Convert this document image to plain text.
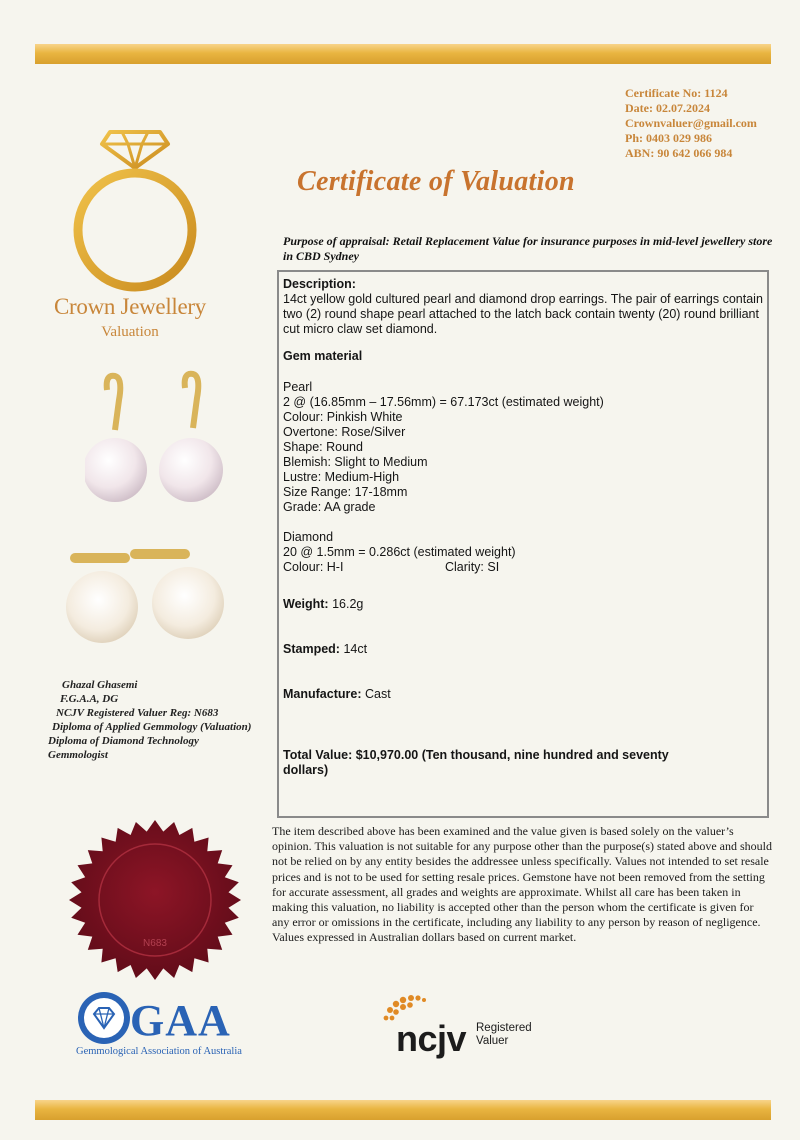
Certificate No: 1124
Date: 02.07.2024
Crownvaluer@gmail.com
Ph: 0403 029 986
ABN: 90 642 066 984
Crown Jewellery
Valuation
Certificate of Valuation
Purpose of appraisal: Retail Replacement Value for insurance purposes in mid-level jewellery store in CBD Sydney
Description:
14ct yellow gold cultured pearl and diamond drop earrings. The pair of earrings contain two (2) round shape pearl attached to the latch back contain twenty (20) round brilliant cut micro claw set diamond.
Gem material
Pearl
2 @ (16.85mm – 17.56mm) = 67.173ct (estimated weight)
Colour: Pinkish White
Overtone: Rose/Silver
Shape: Round
Blemish: Slight to Medium
Lustre: Medium-High
Size Range: 17-18mm
Grade: AA grade
Diamond
20 @ 1.5mm = 0.286ct (estimated weight)
Colour: H-I	Clarity: SI
Weight: 16.2g
Stamped: 14ct
Manufacture: Cast
Total Value: $10,970.00 (Ten thousand, nine hundred and seventy dollars)
Ghazal Ghasemi
F.G.A.A, DG
NCJV Registered Valuer Reg: N683
Diploma of Applied Gemmology (Valuation)
Diploma of Diamond Technology
Gemmologist
The item described above has been examined and the value given is based solely on the valuer’s opinion. This valuation is not suitable for any purpose other than the purpose(s) stated above and should not be relied on by any entity besides the addressee unless specifically. Values not intended to set resale prices and is not to be used for setting resale prices. Gemstone have not been removed from the setting for accurate assessment, all grades and weights are approximate. Whilst all care has been taken in making this valuation, no liability is accepted other than the person whom the certificate is given for any error or omissions in the certificate, including any liability to any person by reason of negligence. Values expressed in Australian dollars based on current market.
N683
GAA
Gemmological Association of Australia	ncjv Registered
Valuer
